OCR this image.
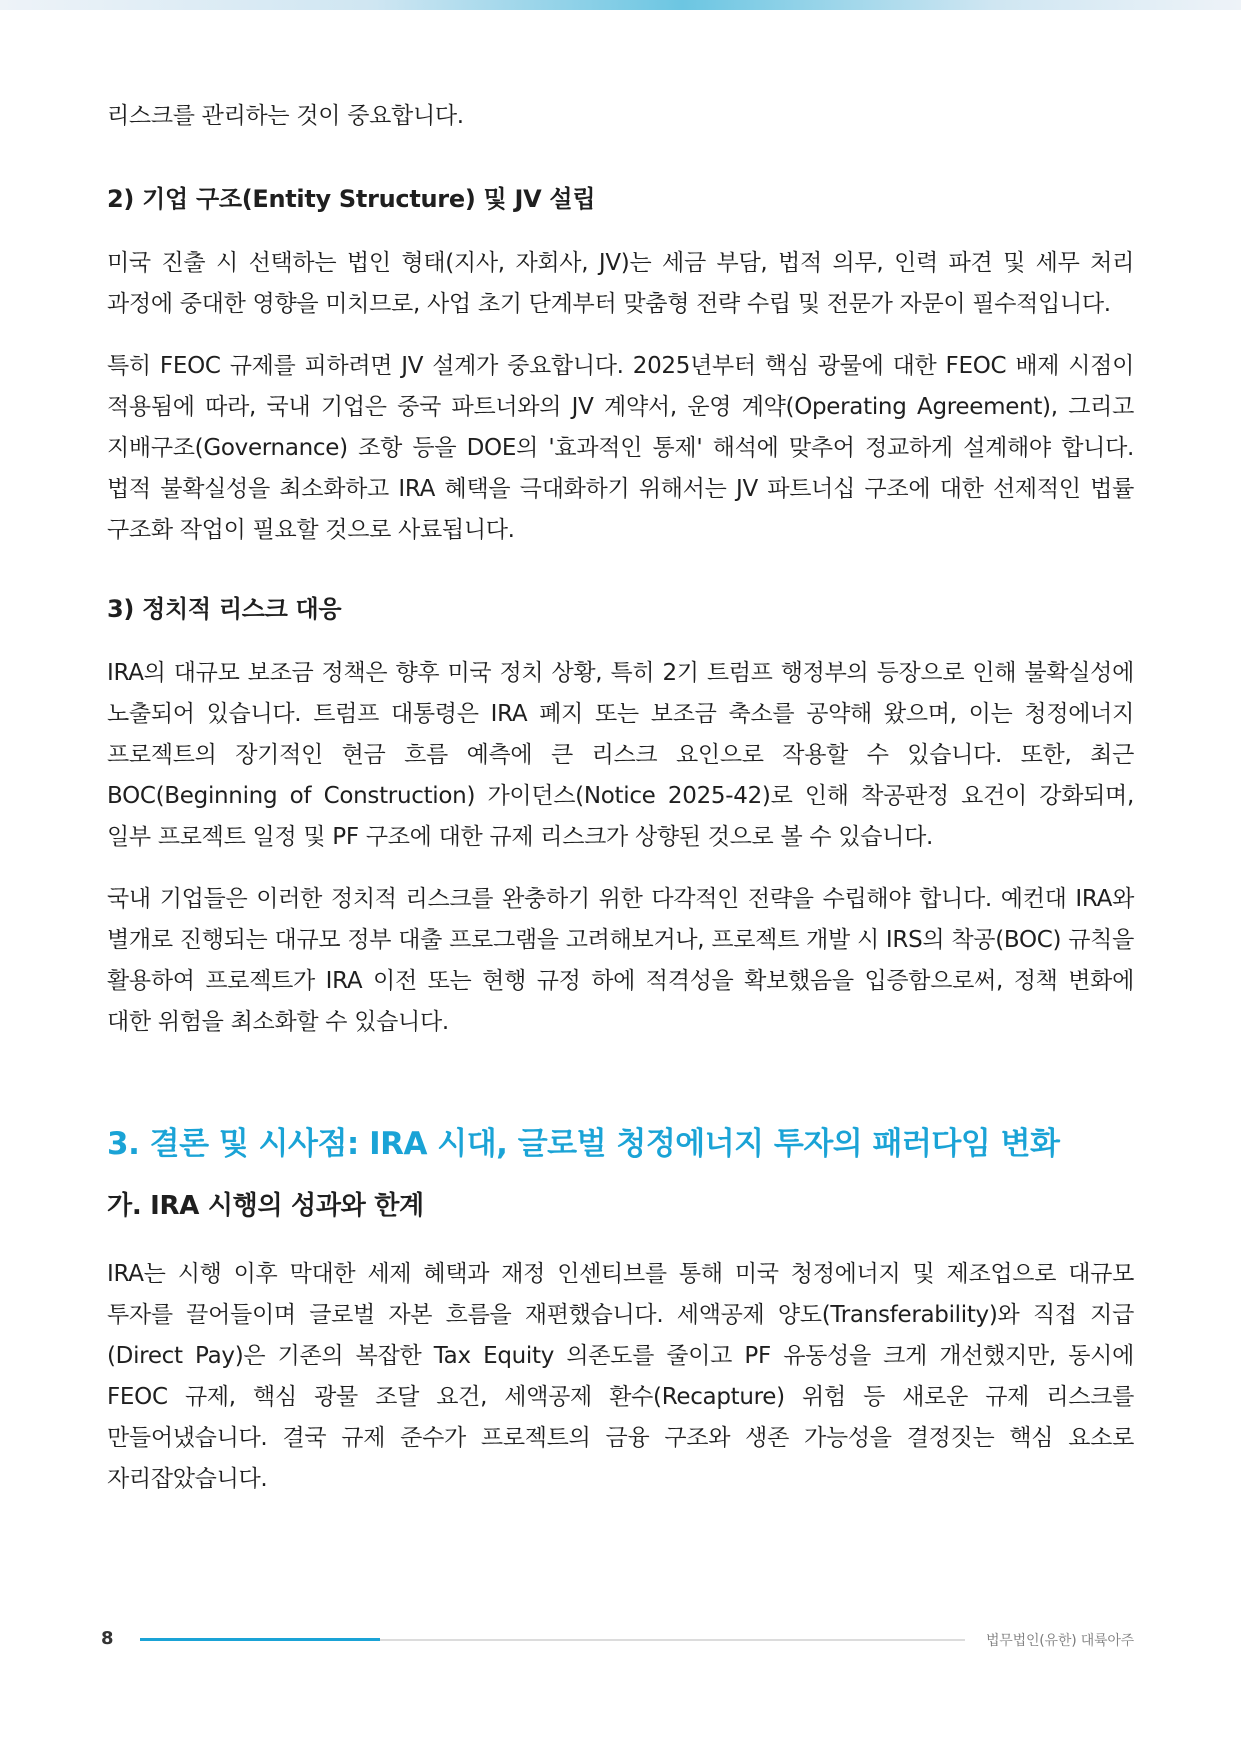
리스크를 관리하는 것이 중요합니다.

2) 기업 구조(Entity Structure) 및 JV 설립

미국 진출 시 선택하는 법인 형태(지사, 자회사, JV)는 세금 부담, 법적 의무, 인력 파견 및 세무 처리 과정에 중대한 영향을 미치므로, 사업 초기 단계부터 맞춤형 전략 수립 및 전문가 자문이 필수적입니다.

특히 FEOC 규제를 피하려면 JV 설계가 중요합니다. 2025년부터 핵심 광물에 대한 FEOC 배제 시점이 적용됨에 따라, 국내 기업은 중국 파트너와의 JV 계약서, 운영 계약(Operating Agreement), 그리고 지배구조(Governance) 조항 등을 DOE의 '효과적인 통제' 해석에 맞추어 정교하게 설계해야 합니다. 법적 불확실성을 최소화하고 IRA 혜택을 극대화하기 위해서는 JV 파트너십 구조에 대한 선제적인 법률 구조화 작업이 필요할 것으로 사료됩니다.

3) 정치적 리스크 대응

IRA의 대규모 보조금 정책은 향후 미국 정치 상황, 특히 2기 트럼프 행정부의 등장으로 인해 불확실성에 노출되어 있습니다. 트럼프 대통령은 IRA 폐지 또는 보조금 축소를 공약해 왔으며, 이는 청정에너지 프로젝트의 장기적인 현금 흐름 예측에 큰 리스크 요인으로 작용할 수 있습니다. 또한, 최근 BOC(Beginning of Construction) 가이던스(Notice 2025-42)로 인해 착공판정 요건이 강화되며, 일부 프로젝트 일정 및 PF 구조에 대한 규제 리스크가 상향된 것으로 볼 수 있습니다.

국내 기업들은 이러한 정치적 리스크를 완충하기 위한 다각적인 전략을 수립해야 합니다. 예컨대 IRA와 별개로 진행되는 대규모 정부 대출 프로그램을 고려해보거나, 프로젝트 개발 시 IRS의 착공(BOC) 규칙을 활용하여 프로젝트가 IRA 이전 또는 현행 규정 하에 적격성을 확보했음을 입증함으로써, 정책 변화에 대한 위험을 최소화할 수 있습니다.

3. 결론 및 시사점: IRA 시대, 글로벌 청정에너지 투자의 패러다임 변화
가. IRA 시행의 성과와 한계

IRA는 시행 이후 막대한 세제 혜택과 재정 인센티브를 통해 미국 청정에너지 및 제조업으로 대규모 투자를 끌어들이며 글로벌 자본 흐름을 재편했습니다. 세액공제 양도(Transferability)와 직접 지급(Direct Pay)은 기존의 복잡한 Tax Equity 의존도를 줄이고 PF 유동성을 크게 개선했지만, 동시에 FEOC 규제, 핵심 광물 조달 요건, 세액공제 환수(Recapture) 위험 등 새로운 규제 리스크를 만들어냈습니다. 결국 규제 준수가 프로젝트의 금융 구조와 생존 가능성을 결정짓는 핵심 요소로 자리잡았습니다.

8	법무법인(유한) 대륙아주
